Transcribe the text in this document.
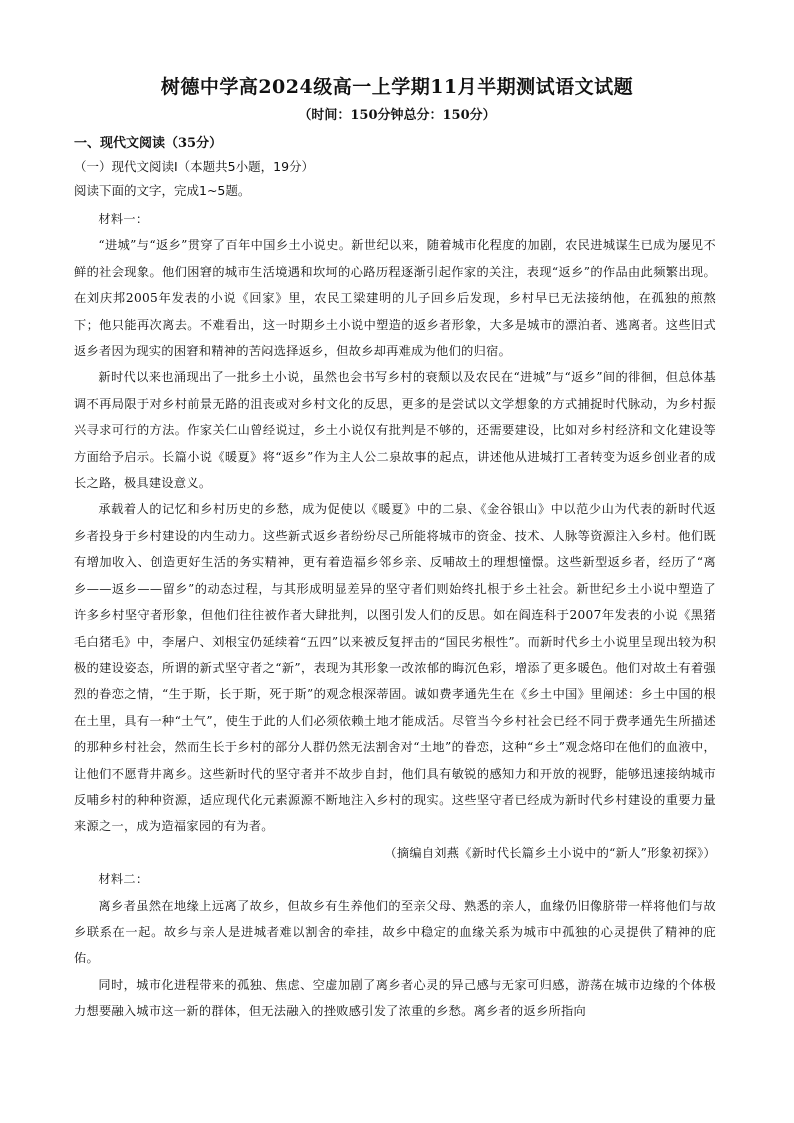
树德中学高2024级高一上学期11月半期测试语文试题
（时间：150分钟总分：150分）
一、现代文阅读（35分）
（一）现代文阅读Ⅰ（本题共5小题，19分）
阅读下面的文字，完成1~5题。

材料一：

“进城”与“返乡”贯穿了百年中国乡土小说史。新世纪以来，随着城市化程度的加剧，农民进城谋生已成为屡见不鲜的社会现象。他们困窘的城市生活境遇和坎坷的心路历程逐渐引起作家的关注，表现“返乡”的作品由此频繁出现。在刘庆邦2005年发表的小说《回家》里，农民工梁建明的儿子回乡后发现，乡村早已无法接纳他，在孤独的煎熬下；他只能再次离去。不难看出，这一时期乡土小说中塑造的返乡者形象，大多是城市的漂泊者、逃离者。这些旧式返乡者因为现实的困窘和精神的苦闷选择返乡，但故乡却再难成为他们的归宿。

新时代以来也涌现出了一批乡土小说，虽然也会书写乡村的衰颓以及农民在“进城”与“返乡”间的徘徊，但总体基调不再局限于对乡村前景无路的沮丧或对乡村文化的反思，更多的是尝试以文学想象的方式捕捉时代脉动，为乡村振兴寻求可行的方法。作家关仁山曾经说过，乡土小说仅有批判是不够的，还需要建设，比如对乡村经济和文化建设等方面给予启示。长篇小说《暖夏》将“返乡”作为主人公二泉故事的起点，讲述他从进城打工者转变为返乡创业者的成长之路，极具建设意义。

承载着人的记忆和乡村历史的乡愁，成为促使以《暖夏》中的二泉、《金谷银山》中以范少山为代表的新时代返乡者投身于乡村建设的内生动力。这些新式返乡者纷纷尽己所能将城市的资金、技术、人脉等资源注入乡村。他们既有增加收入、创造更好生活的务实精神，更有着造福乡邻乡亲、反哺故土的理想憧憬。这些新型返乡者，经历了“离乡——返乡——留乡”的动态过程，与其形成明显差异的坚守者们则始终扎根于乡土社会。新世纪乡土小说中塑造了许多乡村坚守者形象，但他们往往被作者大肆批判，以图引发人们的反思。如在阎连科于2007年发表的小说《黑猪毛白猪毛》中，李屠户、刘根宝仍延续着“五四”以来被反复抨击的“国民劣根性”。而新时代乡土小说里呈现出较为积极的建设姿态，所谓的新式坚守者之“新”，表现为其形象一改浓郁的晦沉色彩，增添了更多暖色。他们对故土有着强烈的眷恋之情，“生于斯，长于斯，死于斯”的观念根深蒂固。诚如费孝通先生在《乡土中国》里阐述：乡土中国的根在土里，具有一种“土气”，使生于此的人们必须依赖土地才能成活。尽管当今乡村社会已经不同于费孝通先生所描述的那种乡村社会，然而生长于乡村的部分人群仍然无法割舍对“土地”的眷恋，这种“乡土”观念烙印在他们的血液中，让他们不愿背井离乡。这些新时代的坚守者并不故步自封，他们具有敏锐的感知力和开放的视野，能够迅速接纳城市反哺乡村的种种资源，适应现代化元素源源不断地注入乡村的现实。这些坚守者已经成为新时代乡村建设的重要力量来源之一，成为造福家园的有为者。

（摘编自刘燕《新时代长篇乡土小说中的“新人”形象初探》）

材料二：

离乡者虽然在地缘上远离了故乡，但故乡有生养他们的至亲父母、熟悉的亲人，血缘仍旧像脐带一样将他们与故乡联系在一起。故乡与亲人是进城者难以割舍的牵挂，故乡中稳定的血缘关系为城市中孤独的心灵提供了精神的庇佑。

同时，城市化进程带来的孤独、焦虑、空虚加剧了离乡者心灵的异己感与无家可归感，游荡在城市边缘的个体极力想要融入城市这一新的群体，但无法融入的挫败感引发了浓重的乡愁。离乡者的返乡所指向
